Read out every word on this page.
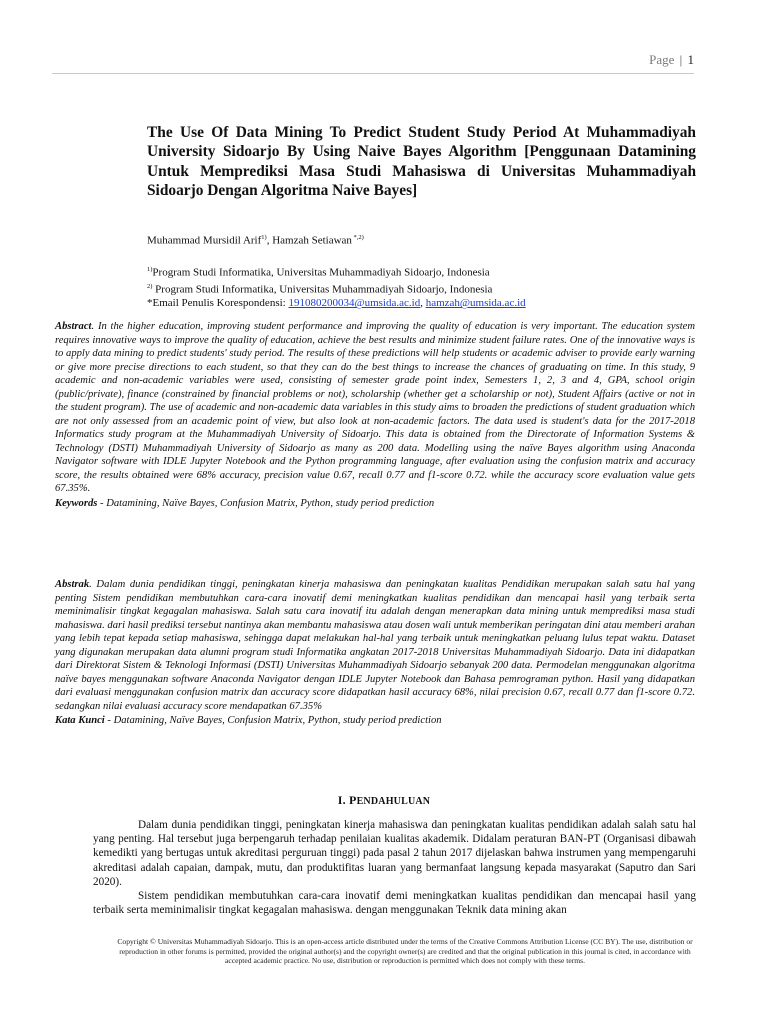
Page | 1
The Use Of Data Mining To Predict Student Study Period At Muhammadiyah University Sidoarjo By Using Naive Bayes Algorithm [Penggunaan Datamining Untuk Memprediksi Masa Studi Mahasiswa di Universitas Muhammadiyah Sidoarjo Dengan Algoritma Naive Bayes]
Muhammad Mursidil Arif$^{1)}$, Hamzah Setiawan $^{*,2)}$
$^{1)}$Program Studi Informatika, Universitas Muhammadiyah Sidoarjo, Indonesia
$^{2)}$ Program Studi Informatika, Universitas Muhammadiyah Sidoarjo, Indonesia
*Email Penulis Korespondensi: 191080200034@umsida.ac.id, hamzah@umsida.ac.id
Abstract. In the higher education, improving student performance and improving the quality of education is very important. The education system requires innovative ways to improve the quality of education, achieve the best results and minimize student failure rates. One of the innovative ways is to apply data mining to predict students' study period. The results of these predictions will help students or academic adviser to provide early warning or give more precise directions to each student, so that they can do the best things to increase the chances of graduating on time. In this study, 9 academic and non-academic variables were used, consisting of semester grade point index, Semesters 1, 2, 3 and 4, GPA, school origin (public/private), finance (constrained by financial problems or not), scholarship (whether get a scholarship or not), Student Affairs (active or not in the student program). The use of academic and non-academic data variables in this study aims to broaden the predictions of student graduation which are not only assessed from an academic point of view, but also look at non-academic factors. The data used is student's data for the 2017-2018 Informatics study program at the Muhammadiyah University of Sidoarjo. This data is obtained from the Directorate of Information Systems & Technology (DSTI) Muhammadiyah University of Sidoarjo as many as 200 data. Modelling using the naïve Bayes algorithm using Anaconda Navigator software with IDLE Jupyter Notebook and the Python programming language, after evaluation using the confusion matrix and accuracy score, the results obtained were 68% accuracy, precision value 0.67, recall 0.77 and f1-score 0.72. while the accuracy score evaluation value gets 67.35%.
Keywords - Datamining, Naïve Bayes, Confusion Matrix, Python, study period prediction
Abstrak. Dalam dunia pendidikan tinggi, peningkatan kinerja mahasiswa dan peningkatan kualitas Pendidikan merupakan salah satu hal yang penting Sistem pendidikan membutuhkan cara-cara inovatif demi meningkatkan kualitas pendidikan dan mencapai hasil yang terbaik serta meminimalisir tingkat kegagalan mahasiswa. Salah satu cara inovatif itu adalah dengan menerapkan data mining untuk memprediksi masa studi mahasiswa. dari hasil prediksi tersebut nantinya akan membantu mahasiswa atau dosen wali untuk memberikan peringatan dini atau memberi arahan yang lebih tepat kepada setiap mahasiswa, sehingga dapat melakukan hal-hal yang terbaik untuk meningkatkan peluang lulus tepat waktu. Dataset yang digunakan merupakan data alumni program studi Informatika angkatan 2017-2018 Universitas Muhammadiyah Sidoarjo. Data ini didapatkan dari Direktorat Sistem & Teknologi Informasi (DSTI) Universitas Muhammadiyah Sidoarjo sebanyak 200 data. Permodelan menggunakan algoritma naïve bayes menggunakan software Anaconda Navigator dengan IDLE Jupyter Notebook dan Bahasa pemrograman python. Hasil yang didapatkan dari evaluasi menggunakan confusion matrix dan accuracy score didapatkan hasil accuracy 68%, nilai precision 0.67, recall 0.77 dan f1-score 0.72. sedangkan nilai evaluasi accuracy score mendapatkan 67.35%
Kata Kunci - Datamining, Naïve Bayes, Confusion Matrix, Python, study period prediction
I. PENDAHULUAN

Dalam dunia pendidikan tinggi, peningkatan kinerja mahasiswa dan peningkatan kualitas pendidikan adalah salah satu hal yang penting. Hal tersebut juga berpengaruh terhadap penilaian kualitas akademik. Didalam peraturan BAN-PT (Organisasi dibawah kemedikti yang bertugas untuk akreditasi perguruan tinggi) pada pasal 2 tahun 2017 dijelaskan bahwa instrumen yang mempengaruhi akreditasi adalah capaian, dampak, mutu, dan produktifitas luaran yang bermanfaat langsung kepada masyarakat (Saputro dan Sari 2020).

Sistem pendidikan membutuhkan cara-cara inovatif demi meningkatkan kualitas pendidikan dan mencapai hasil yang terbaik serta meminimalisir tingkat kegagalan mahasiswa. dengan menggunakan Teknik data mining akan

Copyright © Universitas Muhammadiyah Sidoarjo. This is an open-access article distributed under the terms of the Creative Commons Attribution License (CC BY). The use, distribution or reproduction in other forums is permitted, provided the original author(s) and the copyright owner(s) are credited and that the original publication in this journal is cited, in accordance with accepted academic practice. No use, distribution or reproduction is permitted which does not comply with these terms.
